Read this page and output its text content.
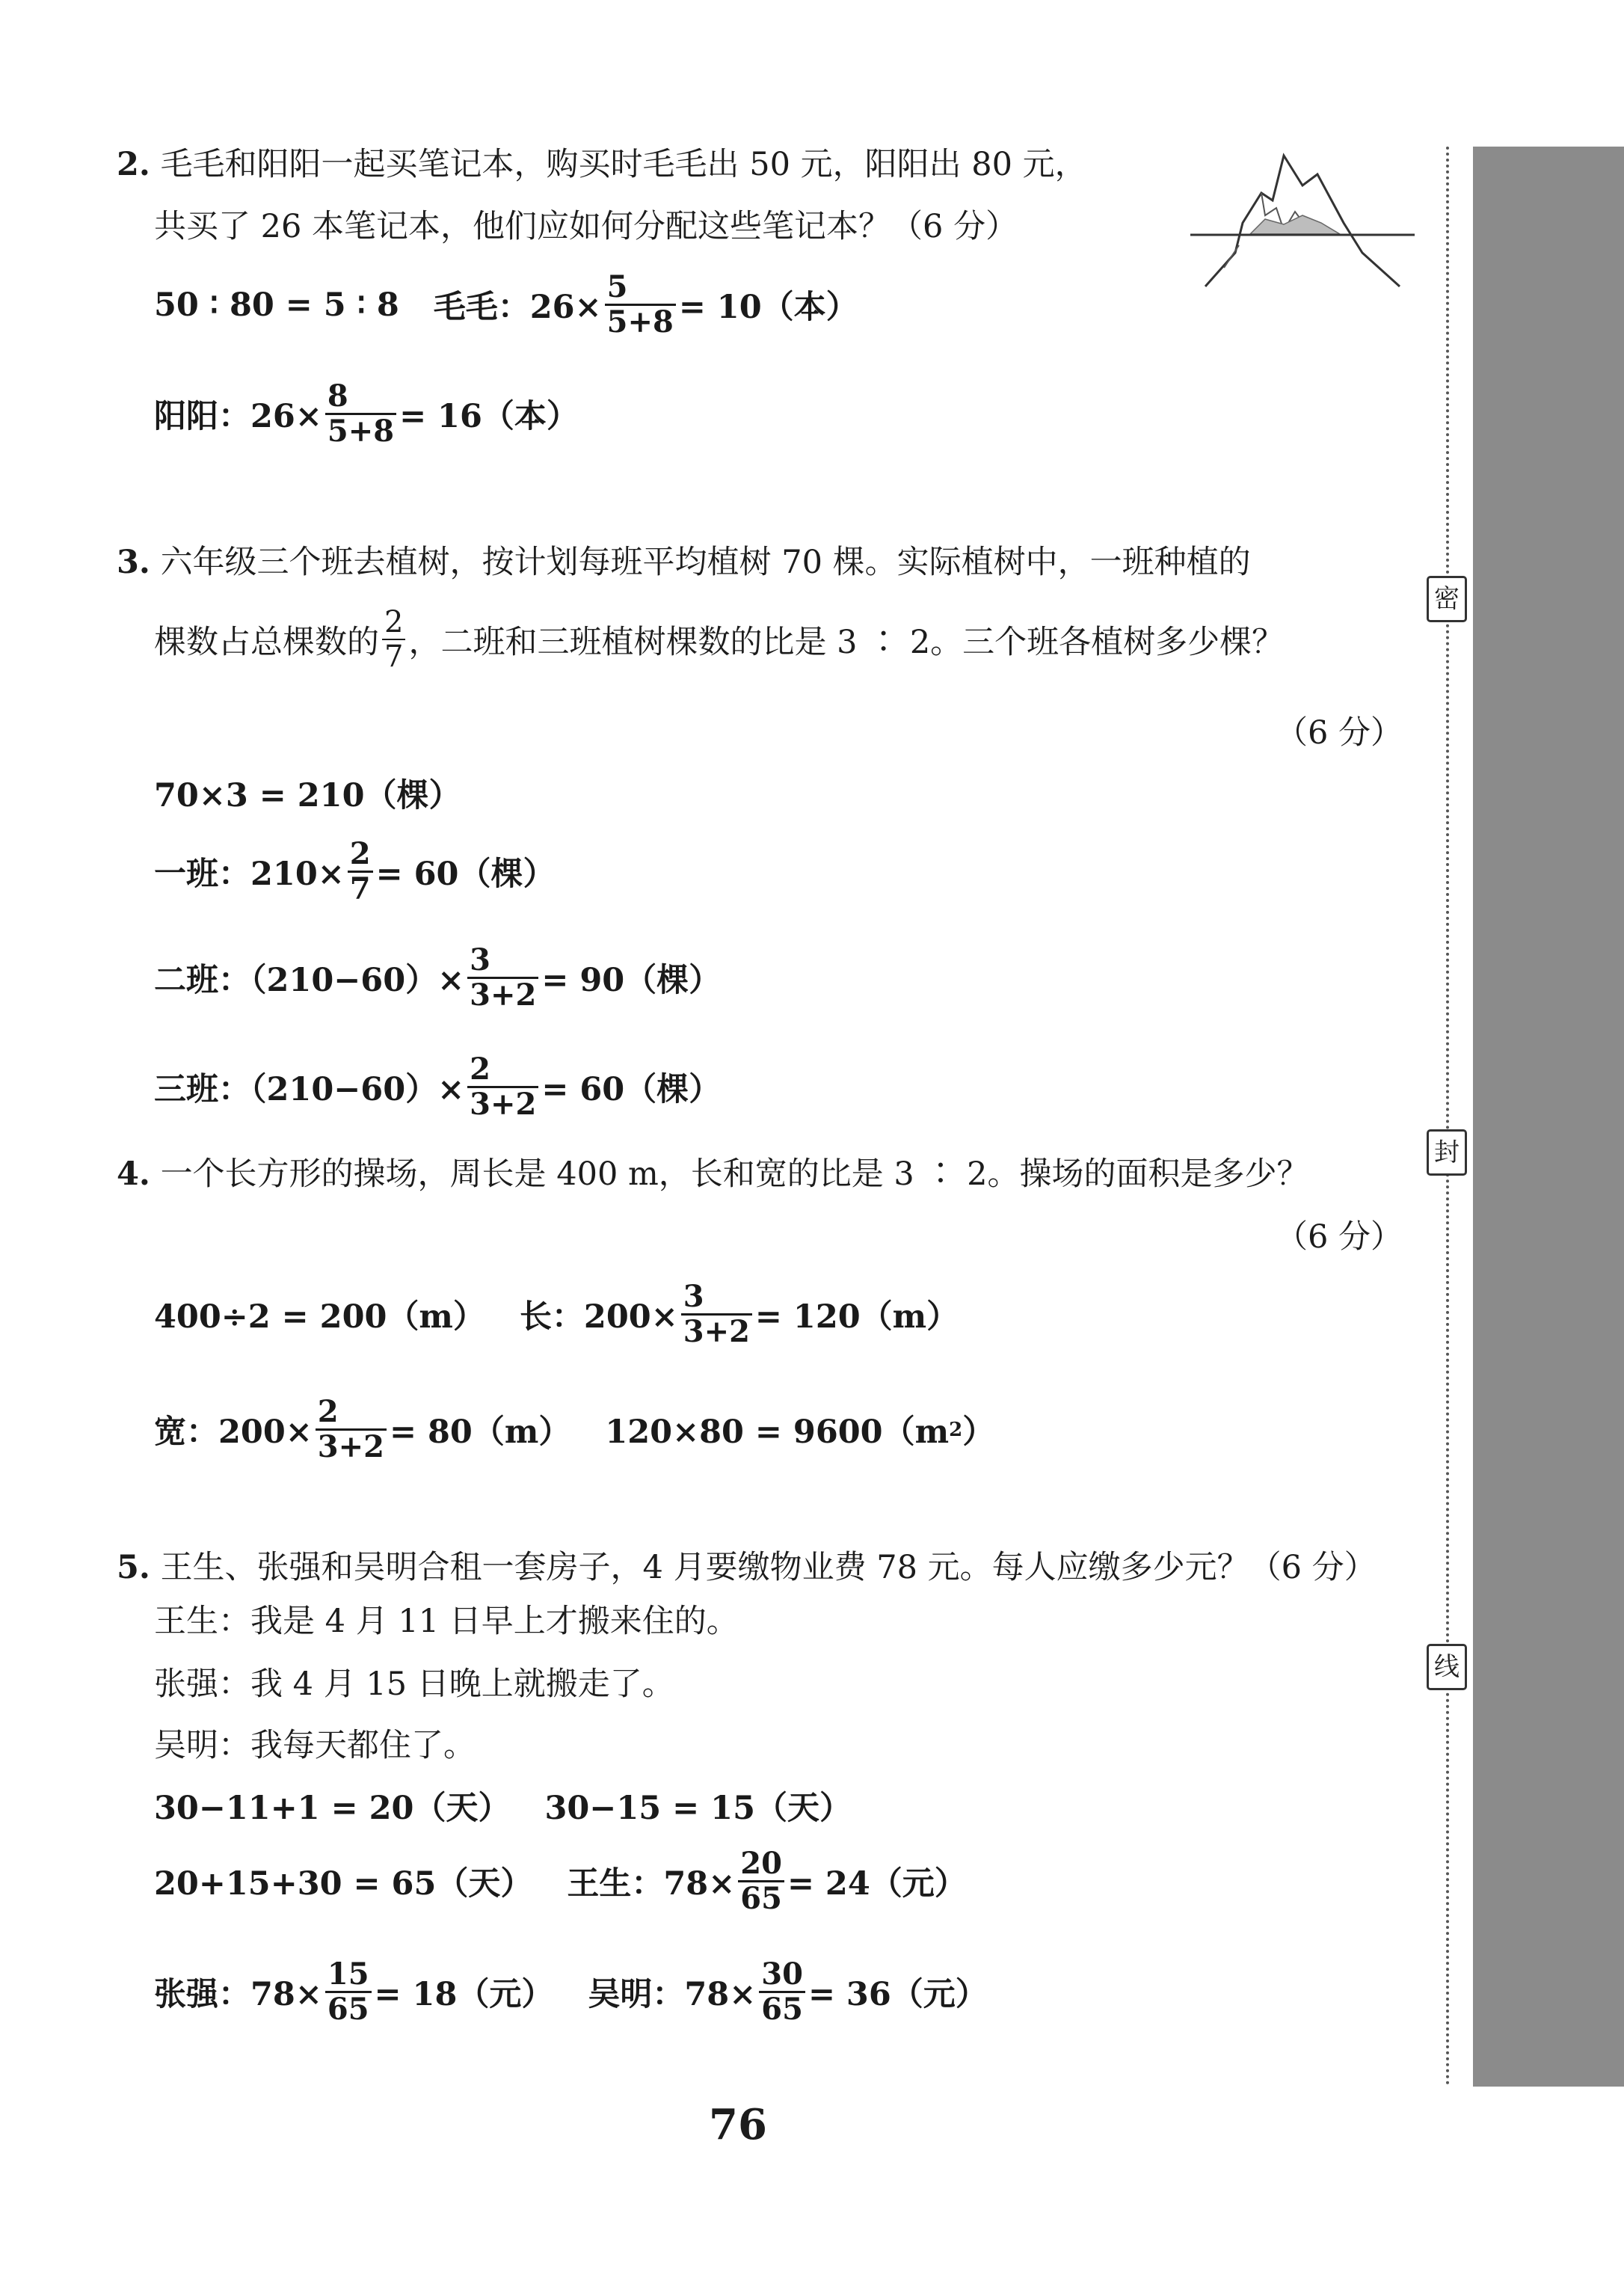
密
封
线
2. 毛毛和阳阳一起买笔记本，购买时毛毛出 50 元，阳阳出 80 元，
共买了 26 本笔记本，他们应如何分配这些笔记本？（6 分）
50 ∶ 80 = 5 ∶ 8 毛毛：$26\times \frac{5}{5+8} = 10$（本）
阳阳：$26\times \frac{8}{5+8} = 16$（本）
3. 六年级三个班去植树，按计划每班平均植树 70 棵。实际植树中，一班种植的
棵数占总棵数的 $\frac{2}{7}$ ，二班和三班植树棵数的比是 3 ∶ 2。三个班各植树多少棵？
（6 分）
70×3 = 210（棵）
一班：$210\times \frac{2}{7} = 60$（棵）
二班：$(210-60)\times \frac{3}{3+2} = 90$（棵）
三班：$(210-60)\times \frac{2}{3+2} = 60$（棵）
4. 一个长方形的操场，周长是 400 m，长和宽的比是 3 ∶ 2。操场的面积是多少？
（6 分）
400÷2 = 200（m） 长：$200\times \frac{3}{3+2} = 120(m)$
宽：$200\times \frac{2}{3+2} = 80(m) 120\times 80 = 9600(m$ 2 ）
5. 王生、张强和吴明合租一套房子，4 月要缴物业费 78 元。每人应缴多少元？（6 分）
王生：我是 4 月 11 日早上才搬来住的。
张强：我 4 月 15 日晚上就搬走了。
吴明：我每天都住了。
30−11+1 = 20（天） 30−15 = 15（天）
20+15+30 = 65（天） 王生：$78\times \frac{20}{65} = 24$（元）
张强：$78\times \frac{15}{65} = 18$（元） 吴明：$78\times \frac{30}{65} = 36$（元）
76
